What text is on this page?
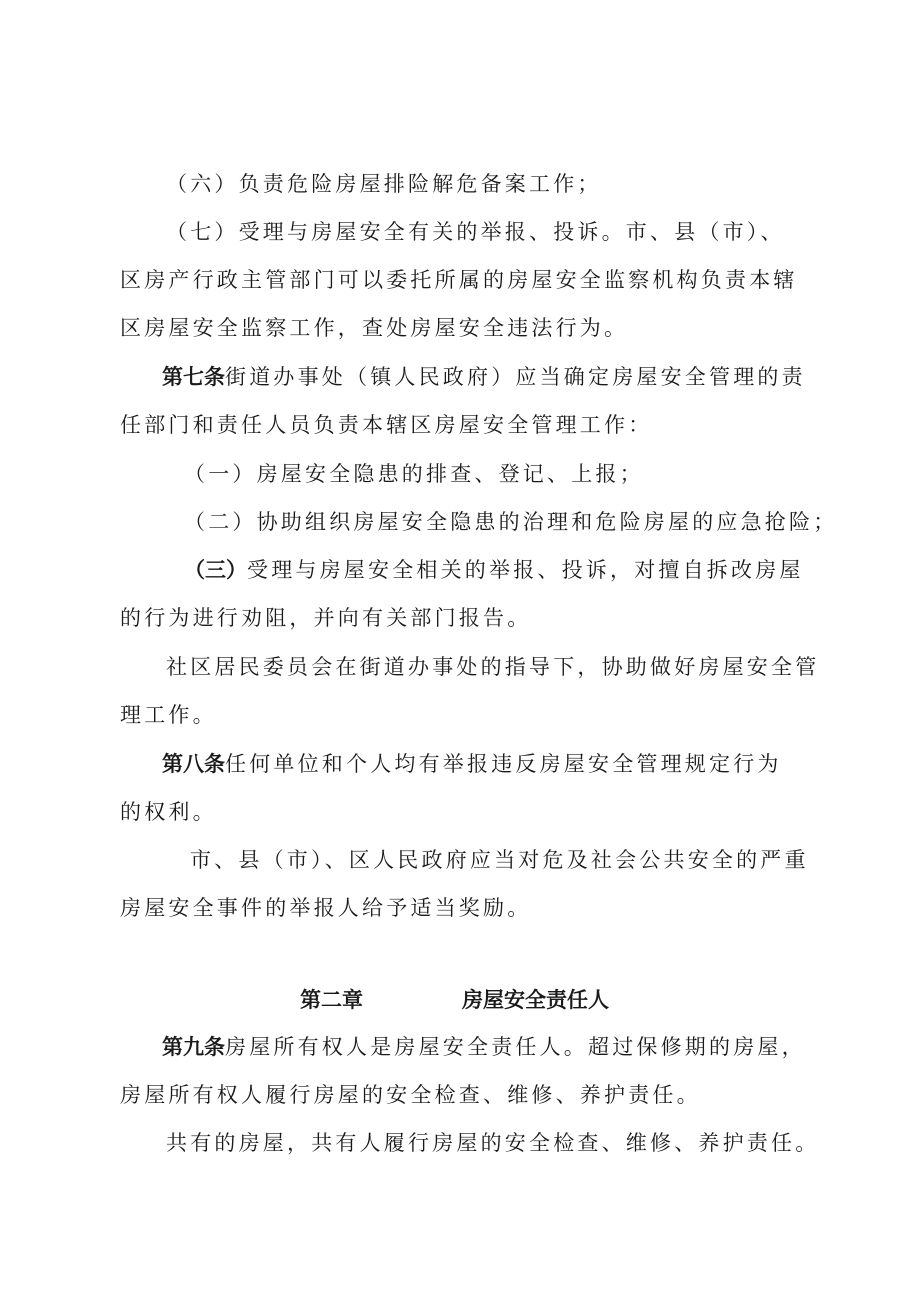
（六）负责危险房屋排险解危备案工作；
（七）受理与房屋安全有关的举报、投诉。市、县（市）、
区房产行政主管部门可以委托所属的房屋安全监察机构负责本辖
区房屋安全监察工作，查处房屋安全违法行为。
第七条街道办事处（镇人民政府）应当确定房屋安全管理的责
任部门和责任人员负责本辖区房屋安全管理工作：
（一）房屋安全隐患的排查、登记、上报；
（二）协助组织房屋安全隐患的治理和危险房屋的应急抢险；
（三）受理与房屋安全相关的举报、投诉，对擅自拆改房屋
的行为进行劝阻，并向有关部门报告。
社区居民委员会在街道办事处的指导下，协助做好房屋安全管
理工作。
第八条任何单位和个人均有举报违反房屋安全管理规定行为
的权利。
市、县（市）、区人民政府应当对危及社会公共安全的严重
房屋安全事件的举报人给予适当奖励。
第二章	房屋安全责任人
第九条房屋所有权人是房屋安全责任人。超过保修期的房屋，
房屋所有权人履行房屋的安全检查、维修、养护责任。
共有的房屋，共有人履行房屋的安全检查、维修、养护责任。
